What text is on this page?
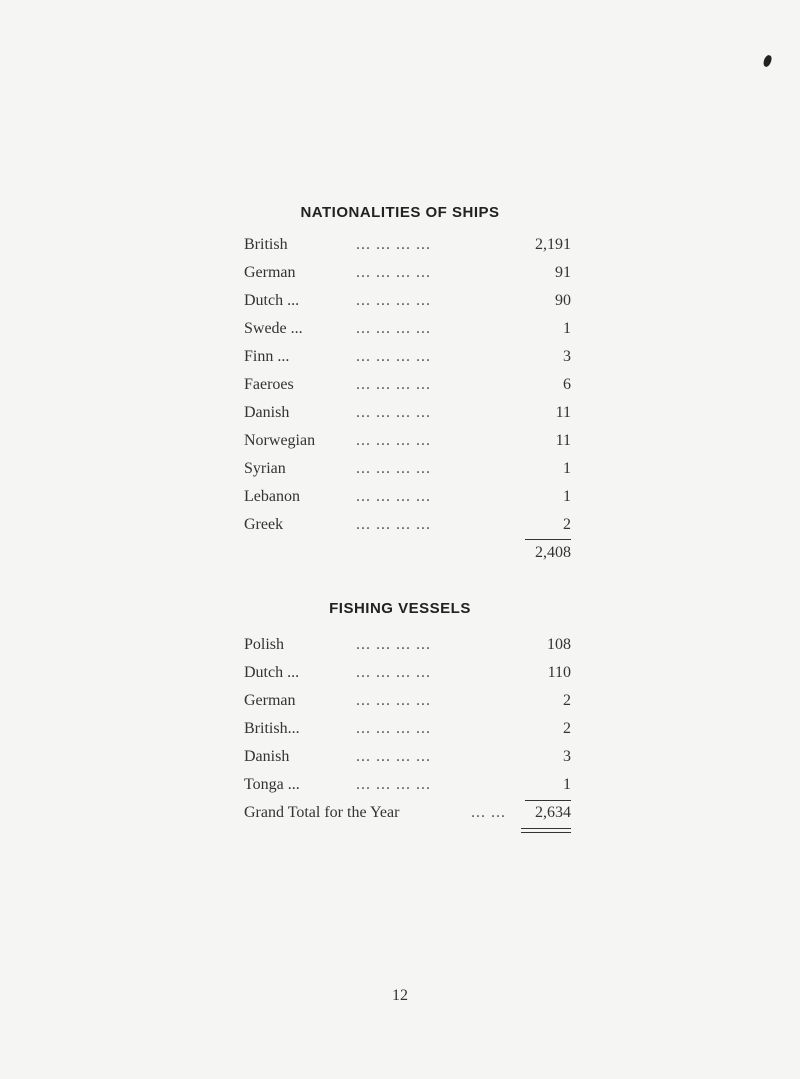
NATIONALITIES OF SHIPS
British	... ... ... ...	2,191
German	... ... ... ...	91
Dutch ...	... ... ... ...	90
Swede ...	... ... ... ...	1
Finn ...	... ... ... ...	3
Faeroes	... ... ... ...	6
Danish	... ... ... ...	11
Norwegian	... ... ... ...	11
Syrian	... ... ... ...	1
Lebanon	... ... ... ...	1
Greek	... ... ... ...	2
2,408
FISHING VESSELS
Polish	... ... ... ...	108
Dutch ...	... ... ... ...	110
German	... ... ... ...	2
British...	... ... ... ...	2
Danish	... ... ... ...	3
Tonga ...	... ... ... ...	1
Grand Total for the Year	... ... 2,634
12
